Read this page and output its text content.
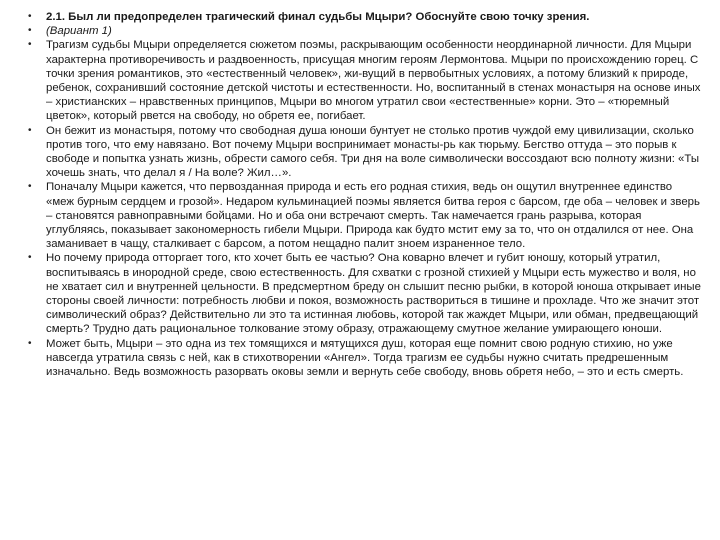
• 2.1. Был ли предопределен трагический финал судьбы Мцыри? Обоснуйте свою точку зрения.
• (Вариант 1)
• Трагизм судьбы Мцыри определяется сюжетом поэмы, раскрывающим особенности неординарной личности. Для Мцыри характерна противоречивость и раздвоенность, присущая многим героям Лермонтова. Мцыри по происхождению горец. С точки зрения романтиков, это «естественный человек», жи-вущий в первобытных условиях, а потому близкий к природе, ребенок, сохранивший состояние детской чистоты и естественности. Но, воспитанный в стенах монастыря на основе иных – христианских – нравственных принципов, Мцыри во многом утратил свои «естественные» корни. Это – «тюремный цветок», который рвется на свободу, но обретя ее, погибает.
• Он бежит из монастыря, потому что свободная душа юноши бунтует не столько против чуждой ему цивилизации, сколько против того, что ему навязано. Вот почему Мцыри воспринимает монасты-рь как тюрьму. Бегство оттуда – это порыв к свободе и попытка узнать жизнь, обрести самого себя. Три дня на воле символически воссоздают всю полноту жизни: «Ты хочешь знать, что делал я / На воле? Жил…».
• Поначалу Мцыри кажется, что первозданная природа и есть его родная стихия, ведь он ощутил внутреннее единство «меж бурным сердцем и грозой». Недаром кульминацией поэмы является битва героя с барсом, где оба – человек и зверь – становятся равноправными бойцами. Но и оба они встречают смерть. Так намечается грань разрыва, которая углубляясь, показывает закономерность гибели Мцыри. Природа как будто мстит ему за то, что он отдалился от нее. Она заманивает в чащу, сталкивает с барсом, а потом нещадно палит зноем израненное тело.
• Но почему природа отторгает того, кто хочет быть ее частью? Она коварно влечет и губит юношу, который утратил, воспитываясь в инородной среде, свою естественность. Для схватки с грозной стихией у Мцыри есть мужество и воля, но не хватает сил и внутренней цельности. В предсмертном бреду он слышит песню рыбки, в которой юноша открывает иные стороны своей личности: потребность любви и покоя, возможность раствориться в тишине и прохладе. Что же значит этот символический образ? Действительно ли это та истинная любовь, которой так жаждет Мцыри, или обман, предвещающий смерть? Трудно дать рациональное толкование этому образу, отражающему смутное желание умирающего юноши.
• Может быть, Мцыри – это одна из тех томящихся и мятущихся душ, которая еще помнит свою родную стихию, но уже навсегда утратила связь с ней, как в стихотворении «Ангел». Тогда трагизм ее судьбы нужно считать предрешенным изначально. Ведь возможность разорвать оковы земли и вернуть себе свободу, вновь обретя небо, – это и есть смерть.
